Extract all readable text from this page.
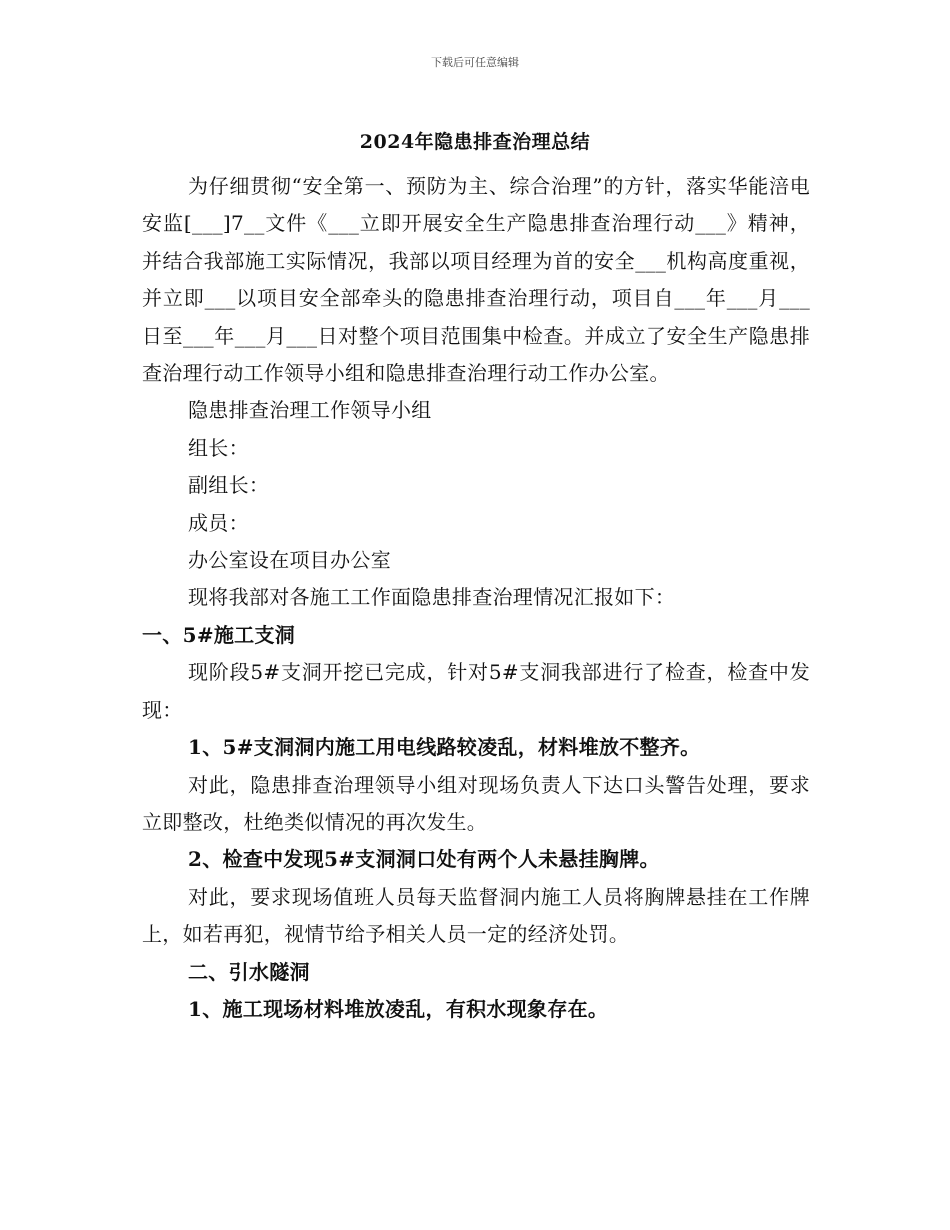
下载后可任意编辑
2024年隐患排查治理总结

为仔细贯彻“安全第一、预防为主、综合治理”的方针，落实华能涪电安监[___]7__文件《___立即开展安全生产隐患排查治理行动___》精神，并结合我部施工实际情况，我部以项目经理为首的安全___机构高度重视，并立即___以项目安全部牵头的隐患排查治理行动，项目自___年___月___日至___年___月___日对整个项目范围集中检查。并成立了安全生产隐患排查治理行动工作领导小组和隐患排查治理行动工作办公室。

隐患排查治理工作领导小组

组长：

副组长：

成员：

办公室设在项目办公室

现将我部对各施工工作面隐患排查治理情况汇报如下：

一、5#施工支洞

现阶段5#支洞开挖已完成，针对5#支洞我部进行了检查，检查中发现：

1、5#支洞洞内施工用电线路较凌乱，材料堆放不整齐。

对此，隐患排查治理领导小组对现场负责人下达口头警告处理，要求立即整改，杜绝类似情况的再次发生。

2、检查中发现5#支洞洞口处有两个人未悬挂胸牌。

对此，要求现场值班人员每天监督洞内施工人员将胸牌悬挂在工作牌上，如若再犯，视情节给予相关人员一定的经济处罚。

二、引水隧洞

1、施工现场材料堆放凌乱，有积水现象存在。
